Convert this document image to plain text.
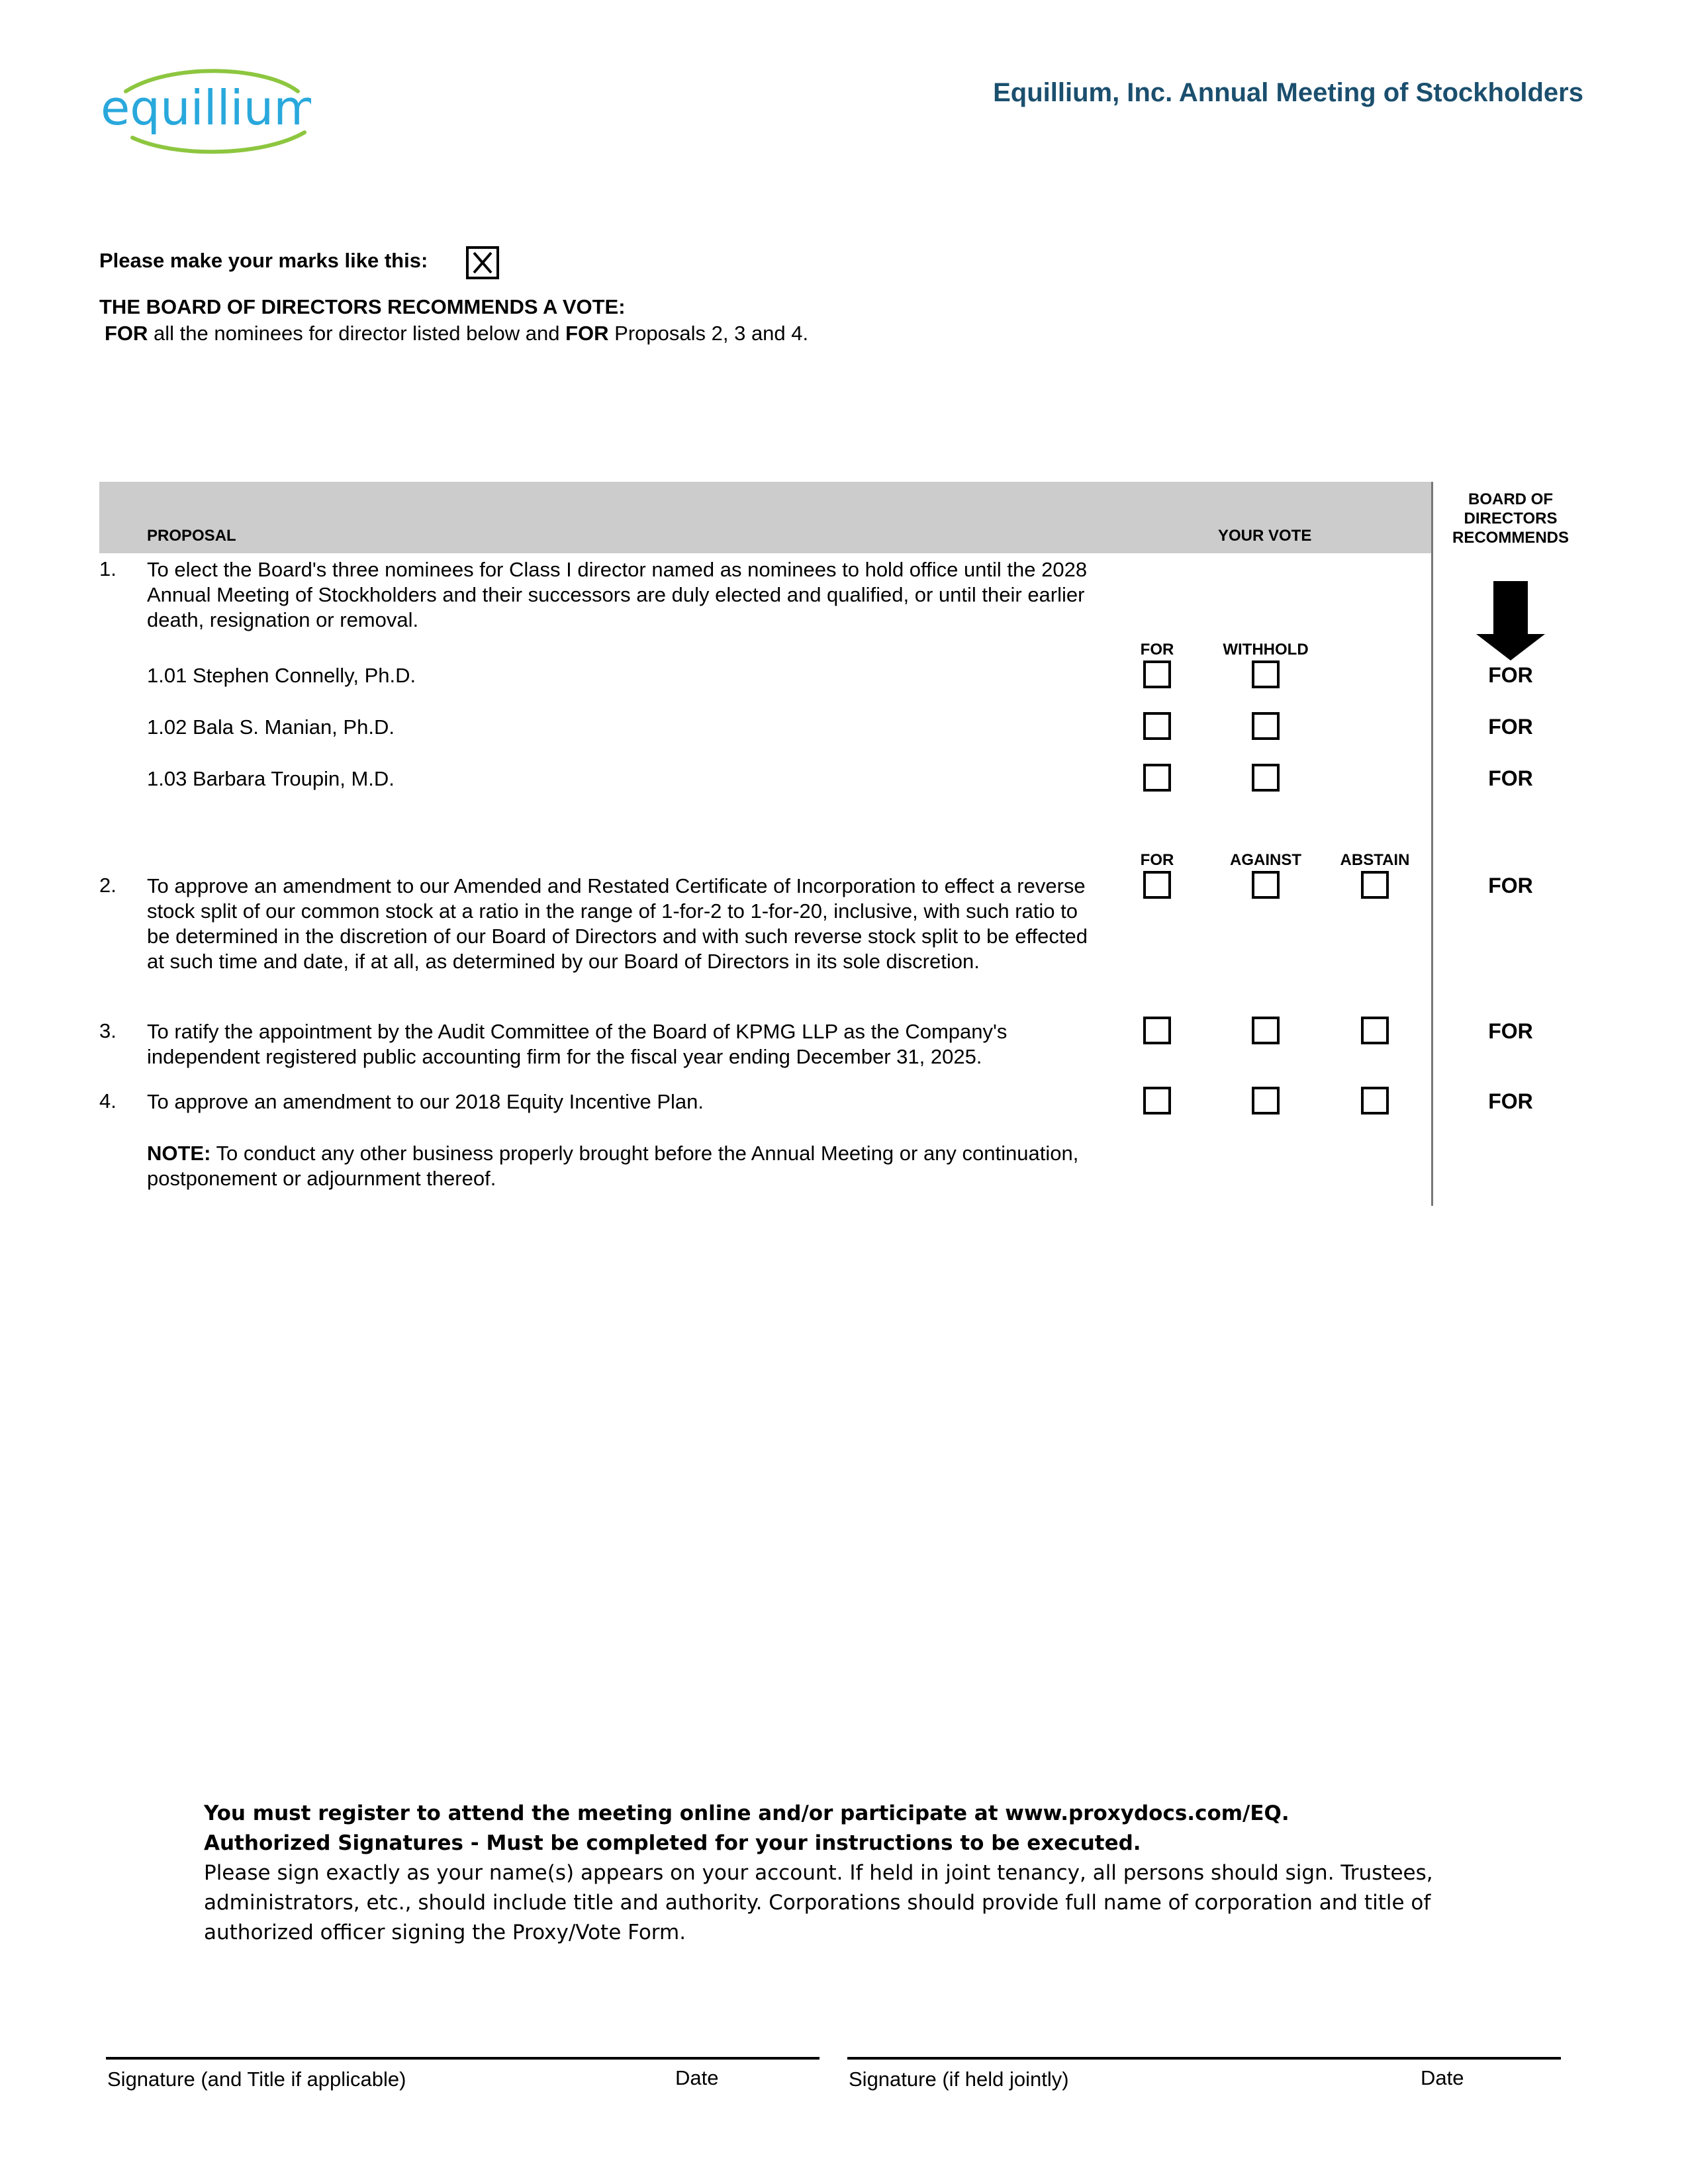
equillium	Equillium, Inc. Annual Meeting of Stockholders
Please make your marks like this:
THE BOARD OF DIRECTORS RECOMMENDS A VOTE:
FOR all the nominees for director listed below and FOR Proposals 2, 3 and 4.
PROPOSAL	YOUR VOTE
BOARD OF DIRECTORS RECOMMENDS
1. To elect the Board's three nominees for Class I director named as nominees to hold office until the 2028 Annual Meeting of Stockholders and their successors are duly elected and qualified, or until their earlier death, resignation or removal.
FOR	WITHHOLD
1.01 Stephen Connelly, Ph.D.	FOR
1.02 Bala S. Manian, Ph.D.	FOR
1.03 Barbara Troupin, M.D.	FOR
FOR	AGAINST	ABSTAIN
2. To approve an amendment to our Amended and Restated Certificate of Incorporation to effect a reverse stock split of our common stock at a ratio in the range of 1-for-2 to 1-for-20, inclusive, with such ratio to be determined in the discretion of our Board of Directors and with such reverse stock split to be effected at such time and date, if at all, as determined by our Board of Directors in its sole discretion.
FOR
3. To ratify the appointment by the Audit Committee of the Board of KPMG LLP as the Company's independent registered public accounting firm for the fiscal year ending December 31, 2025.
FOR
4. To approve an amendment to our 2018 Equity Incentive Plan.	FOR
NOTE: To conduct any other business properly brought before the Annual Meeting or any continuation, postponement or adjournment thereof.
You must register to attend the meeting online and/or participate at www.proxydocs.com/EQ.
Authorized Signatures - Must be completed for your instructions to be executed.
Please sign exactly as your name(s) appears on your account. If held in joint tenancy, all persons should sign. Trustees, administrators, etc., should include title and authority. Corporations should provide full name of corporation and title of authorized officer signing the Proxy/Vote Form.
Signature (and Title if applicable)	Date	Signature (if held jointly)	Date
